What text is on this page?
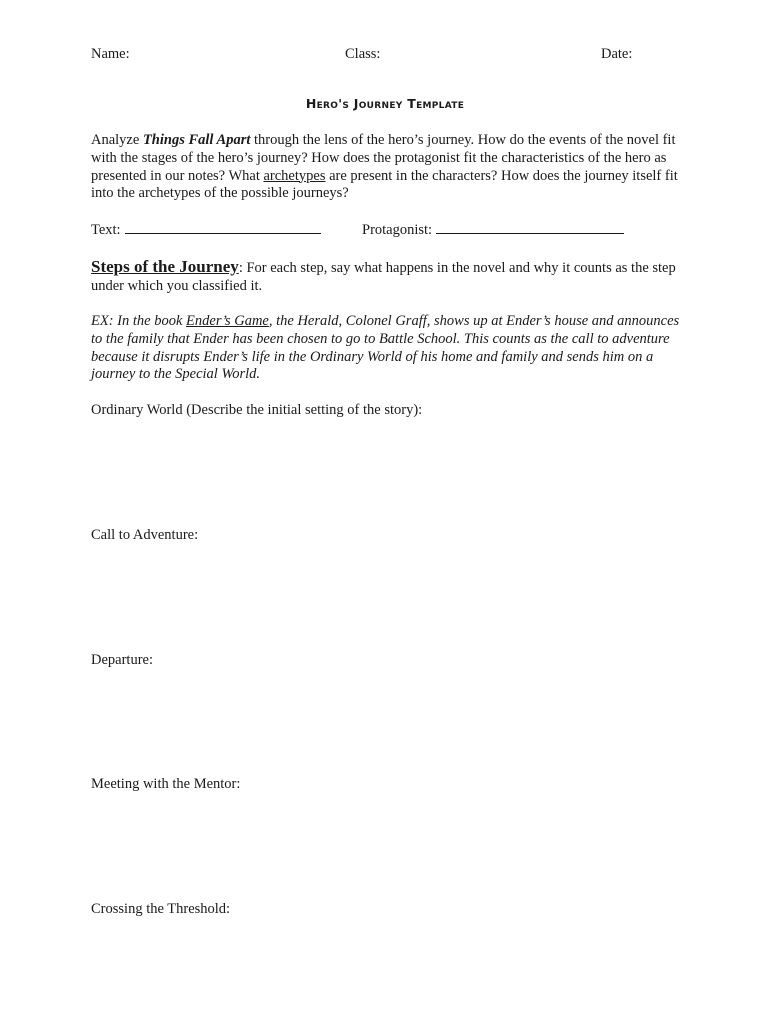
Name:	Class:	Date:
Hero's Journey Template
Analyze Things Fall Apart through the lens of the hero’s journey. How do the events of the novel fit with the stages of the hero’s journey? How does the protagonist fit the characteristics of the hero as presented in our notes? What archetypes are present in the characters? How does the journey itself fit into the archetypes of the possible journeys?
Text:	Protagonist:
Steps of the Journey: For each step, say what happens in the novel and why it counts as the step under which you classified it.
EX: In the book Ender’s Game, the Herald, Colonel Graff, shows up at Ender’s house and announces to the family that Ender has been chosen to go to Battle School. This counts as the call to adventure because it disrupts Ender’s life in the Ordinary World of his home and family and sends him on a journey to the Special World.
Ordinary World (Describe the initial setting of the story):
Call to Adventure:
Departure:
Meeting with the Mentor:
Crossing the Threshold:
